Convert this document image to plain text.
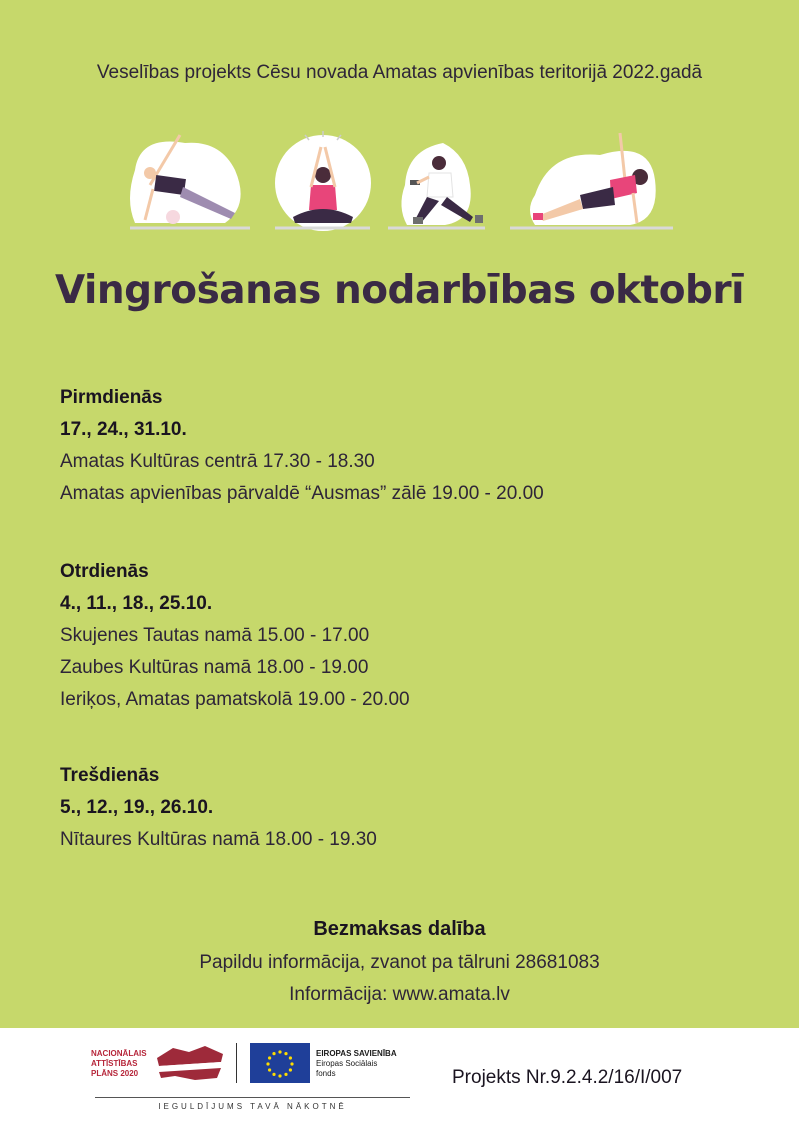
Veselības projekts Cēsu novada Amatas apvienības teritorijā 2022.gadā
Vingrošanas nodarbības oktobrī
Pirmdienās
17., 24., 31.10.
Amatas Kultūras centrā 17.30 - 18.30
Amatas apvienības pārvaldē “Ausmas” zālē 19.00 - 20.00
Otrdienās
4., 11., 18., 25.10.
Skujenes Tautas namā 15.00 - 17.00
Zaubes Kultūras namā 18.00 - 19.00
Ieriķos, Amatas pamatskolā 19.00 - 20.00
Trešdienās
5., 12., 19., 26.10.
Nītaures Kultūras namā 18.00 - 19.30
Bezmaksas dalība
Papildu informācija, zvanot pa tālruni 28681083
Informācija: www.amata.lv
NACIONĀLAIS
ATTĪSTĪBAS
PLĀNS 2020
EIROPAS SAVIENĪBA
Eiropas Sociālais
fonds
IEGULDĪJUMS TAVĀ NĀKOTNĒ
Projekts Nr.9.2.4.2/16/I/007
